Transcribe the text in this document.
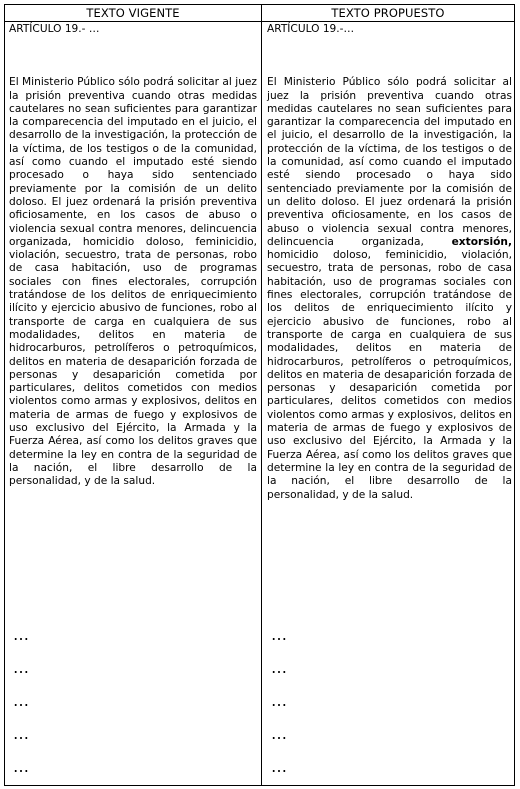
TEXTO VIGENTE	TEXTO PROPUESTO

ARTÍCULO 19.- …

El Ministerio Público sólo podrá solicitar al juez la prisión preventiva cuando otras medidas cautelares no sean suficientes para garantizar la comparecencia del imputado en el juicio, el desarrollo de la investigación, la protección de la víctima, de los testigos o de la comunidad, así como cuando el imputado esté siendo procesado o haya sido sentenciado previamente por la comisión de un delito doloso. El juez ordenará la prisión preventiva oficiosamente, en los casos de abuso o violencia sexual contra menores, delincuencia organizada, homicidio doloso, feminicidio, violación, secuestro, trata de personas, robo de casa habitación, uso de programas sociales con fines electorales, corrupción tratándose de los delitos de enriquecimiento ilícito y ejercicio abusivo de funciones, robo al transporte de carga en cualquiera de sus modalidades, delitos en materia de hidrocarburos, petrolíferos o petroquímicos, delitos en materia de desaparición forzada de personas y desaparición cometida por particulares, delitos cometidos con medios violentos como armas y explosivos, delitos en materia de armas de fuego y explosivos de uso exclusivo del Ejército, la Armada y la Fuerza Aérea, así como los delitos graves que determine la ley en contra de la seguridad de la nación, el libre desarrollo de la personalidad, y de la salud.

…

…

…

…

…

ARTÍCULO 19.-…

El Ministerio Público sólo podrá solicitar al juez la prisión preventiva cuando otras medidas cautelares no sean suficientes para garantizar la comparecencia del imputado en el juicio, el desarrollo de la investigación, la protección de la víctima, de los testigos o de la comunidad, así como cuando el imputado esté siendo procesado o haya sido sentenciado previamente por la comisión de un delito doloso. El juez ordenará la prisión preventiva oficiosamente, en los casos de abuso o violencia sexual contra menores, delincuencia organizada, extorsión, homicidio doloso, feminicidio, violación, secuestro, trata de personas, robo de casa habitación, uso de programas sociales con fines electorales, corrupción tratándose de los delitos de enriquecimiento ilícito y ejercicio abusivo de funciones, robo al transporte de carga en cualquiera de sus modalidades, delitos en materia de hidrocarburos, petrolíferos o petroquímicos, delitos en materia de desaparición forzada de personas y desaparición cometida por particulares, delitos cometidos con medios violentos como armas y explosivos, delitos en materia de armas de fuego y explosivos de uso exclusivo del Ejército, la Armada y la Fuerza Aérea, así como los delitos graves que determine la ley en contra de la seguridad de la nación, el libre desarrollo de la personalidad, y de la salud.

…

…

…

…

…
